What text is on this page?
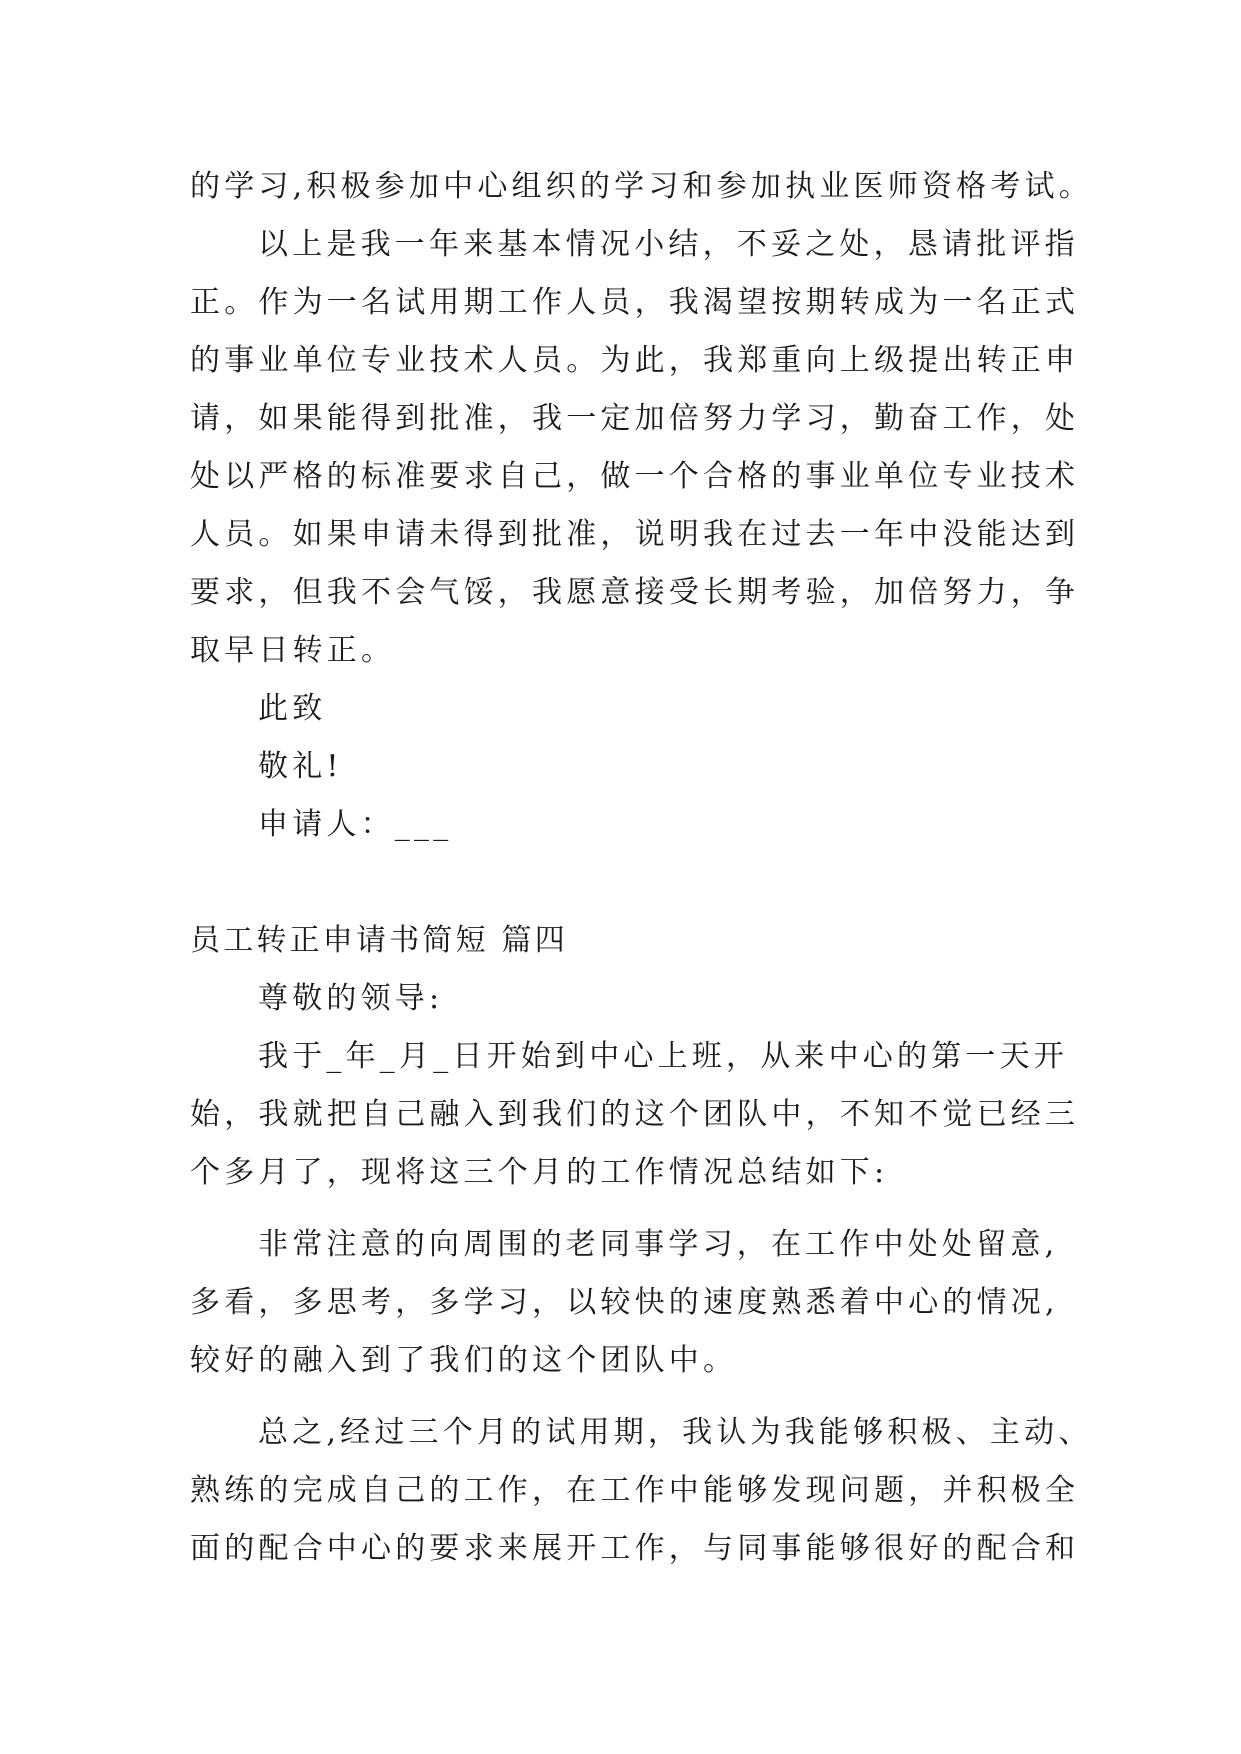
的学习,积极参加中心组织的学习和参加执业医师资格考试。
以上是我一年来基本情况小结，不妥之处，恳请批评指
正。作为一名试用期工作人员，我渴望按期转成为一名正式
的事业单位专业技术人员。为此，我郑重向上级提出转正申
请，如果能得到批准，我一定加倍努力学习，勤奋工作，处
处以严格的标准要求自己，做一个合格的事业单位专业技术
人员。如果申请未得到批准，说明我在过去一年中没能达到
要求，但我不会气馁，我愿意接受长期考验，加倍努力，争
取早日转正。
此致
敬礼!
申请人：___
员工转正申请书简短 篇四
尊敬的领导:
我于_年_月_日开始到中心上班，从来中心的第一天开
始，我就把自己融入到我们的这个团队中，不知不觉已经三
个多月了，现将这三个月的工作情况总结如下:
非常注意的向周围的老同事学习，在工作中处处留意,
多看，多思考，多学习，以较快的速度熟悉着中心的情况,
较好的融入到了我们的这个团队中。
总之,经过三个月的试用期，我认为我能够积极、主动、
熟练的完成自己的工作，在工作中能够发现问题，并积极全
面的配合中心的要求来展开工作，与同事能够很好的配合和
